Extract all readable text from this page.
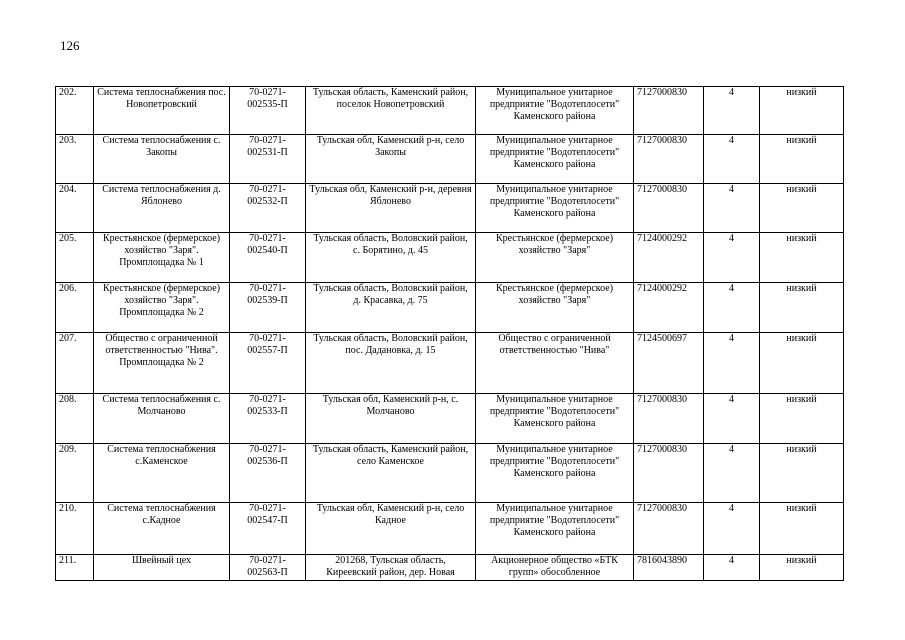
126
202.	Система теплоснабжения пос. Новопетровский	70-0271-002535-П	Тульская область, Каменский район, поселок Новопетровский	Муниципальное унитарное предприятие "Водотеплосети" Каменского района	7127000830	4	низкий
203.	Система теплоснабжения с. Закопы	70-0271-002531-П	Тульская обл, Каменский р-н, село Закопы	Муниципальное унитарное предприятие "Водотеплосети" Каменского района	7127000830	4	низкий
204.	Система теплоснабжения д. Яблонево	70-0271-002532-П	Тульская обл, Каменский р-н, деревня Яблонево	Муниципальное унитарное предприятие "Водотеплосети" Каменского района	7127000830	4	низкий
205.	Крестьянское (фермерское) хозяйство "Заря". Промплощадка № 1	70-0271-002540-П	Тульская область, Воловский район, с. Борятино, д. 45	Крестьянское (фермерское) хозяйство "Заря"	7124000292	4	низкий
206.	Крестьянское (фермерское) хозяйство "Заря". Промплощадка № 2	70-0271-002539-П	Тульская область, Воловский район, д. Красавка, д. 75	Крестьянское (фермерское) хозяйство "Заря"	7124000292	4	низкий
207.	Общество с ограниченной ответственностью "Нива". Промплощадка № 2	70-0271-002557-П	Тульская область, Воловский район, пос. Дадановка, д. 15	Общество с ограниченной ответственностью "Нива"	7124500697	4	низкий
208.	Система теплоснабжения с. Молчаново	70-0271-002533-П	Тульская обл, Каменский р-н, с. Молчаново	Муниципальное унитарное предприятие "Водотеплосети" Каменского района	7127000830	4	низкий
209.	Система теплоснабжения с.Каменское	70-0271-002536-П	Тульская область, Каменский район, село Каменское	Муниципальное унитарное предприятие "Водотеплосети" Каменского района	7127000830	4	низкий
210.	Система теплоснабжения с.Кадное	70-0271-002547-П	Тульская обл, Каменский р-н, село Кадное	Муниципальное унитарное предприятие "Водотеплосети" Каменского района	7127000830	4	низкий
211.	Швейный цех	70-0271-002563-П	201268, Тульская область, Киреевский район, дер. Новая	Акционерное общество «БТК групп» обособленное	7816043890	4	низкий
